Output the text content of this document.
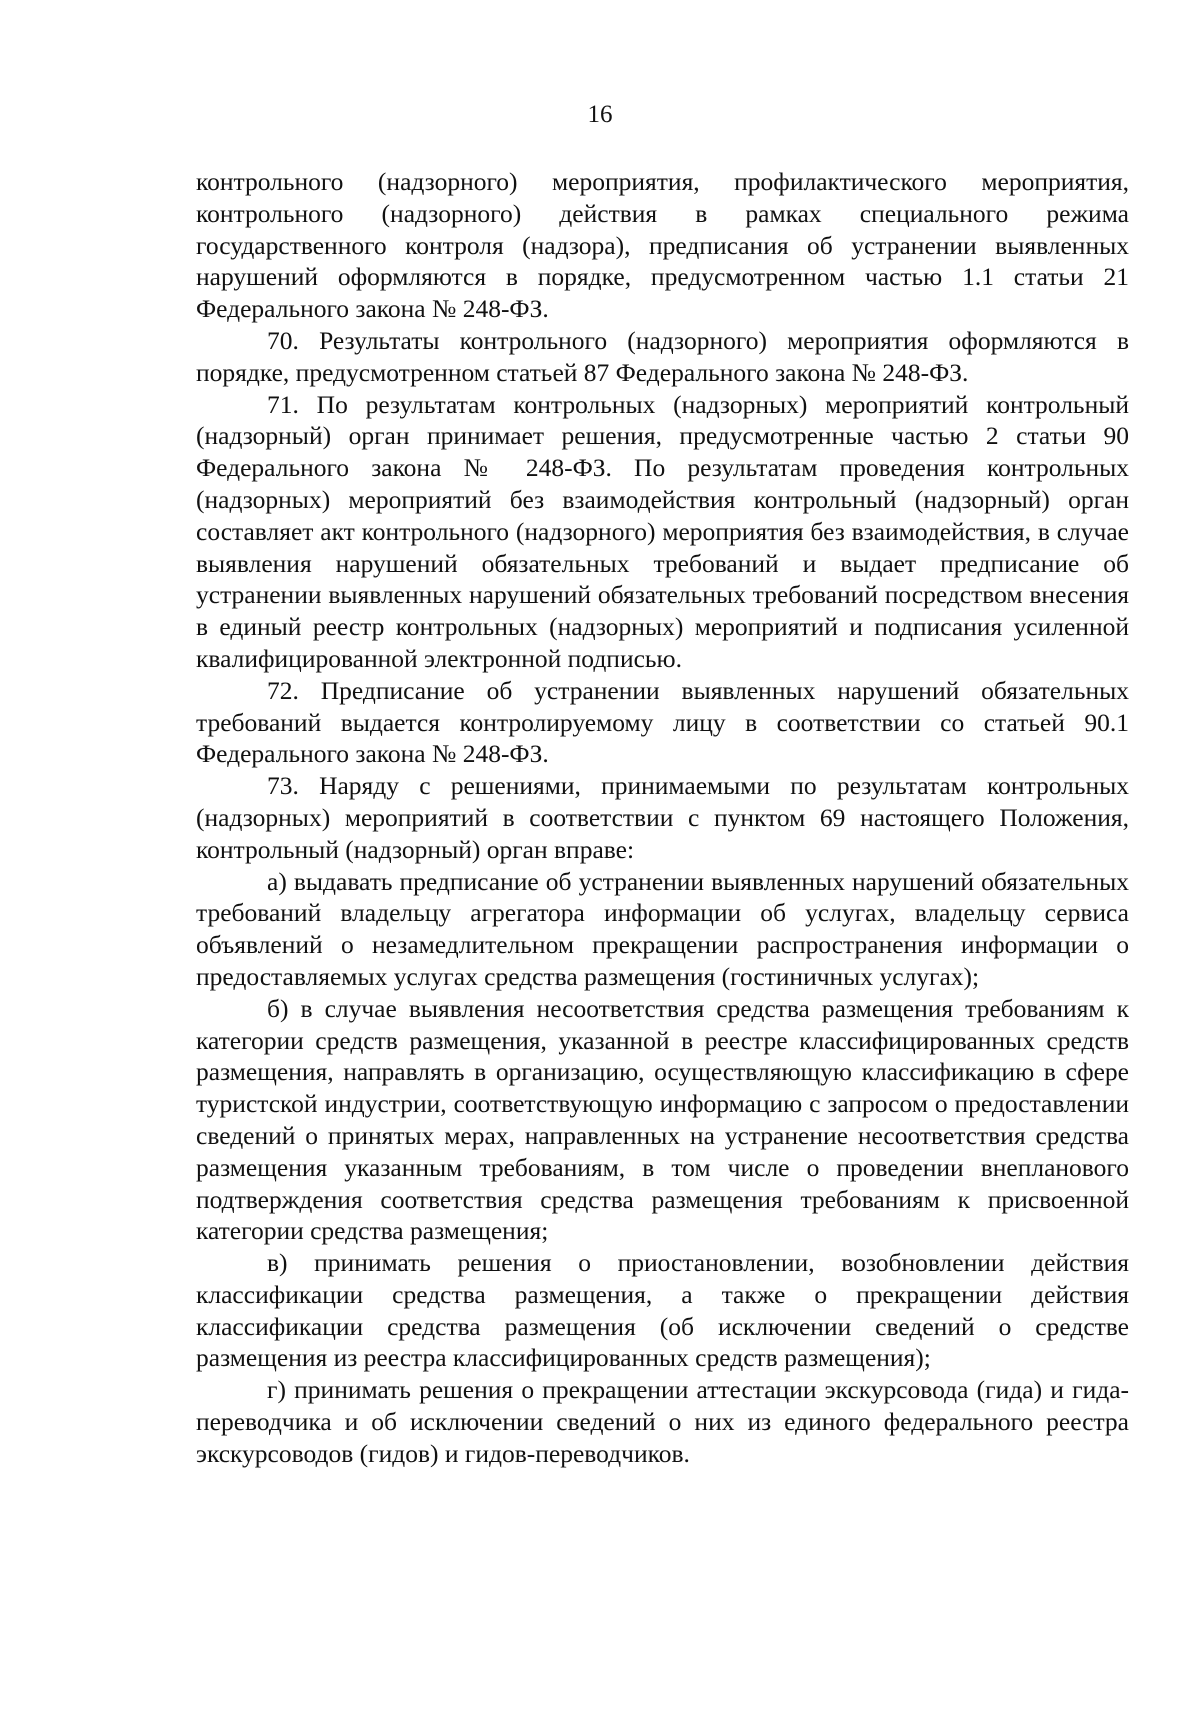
16

контрольного (надзорного) мероприятия, профилактического мероприятия, контрольного (надзорного) действия в рамках специального режима государственного контроля (надзора), предписания об устранении выявленных нарушений оформляются в порядке, предусмотренном частью 1.1 статьи 21 Федерального закона № 248-ФЗ.

70. Результаты контрольного (надзорного) мероприятия оформляются в порядке, предусмотренном статьей 87 Федерального закона № 248-ФЗ.

71. По результатам контрольных (надзорных) мероприятий контрольный (надзорный) орган принимает решения, предусмотренные частью 2 статьи 90 Федерального закона № 248-ФЗ. По результатам проведения контрольных (надзорных) мероприятий без взаимодействия контрольный (надзорный) орган составляет акт контрольного (надзорного) мероприятия без взаимодействия, в случае выявления нарушений обязательных требований и выдает предписание об устранении выявленных нарушений обязательных требований посредством внесения в единый реестр контрольных (надзорных) мероприятий и подписания усиленной квалифицированной электронной подписью.

72. Предписание об устранении выявленных нарушений обязательных требований выдается контролируемому лицу в соответствии со статьей 90.1 Федерального закона № 248-ФЗ.

73. Наряду с решениями, принимаемыми по результатам контрольных (надзорных) мероприятий в соответствии с пунктом 69 настоящего Положения, контрольный (надзорный) орган вправе:

а) выдавать предписание об устранении выявленных нарушений обязательных требований владельцу агрегатора информации об услугах, владельцу сервиса объявлений о незамедлительном прекращении распространения информации о предоставляемых услугах средства размещения (гостиничных услугах);

б) в случае выявления несоответствия средства размещения требованиям к категории средств размещения, указанной в реестре классифицированных средств размещения, направлять в организацию, осуществляющую классификацию в сфере туристской индустрии, соответствующую информацию с запросом о предоставлении сведений о принятых мерах, направленных на устранение несоответствия средства размещения указанным требованиям, в том числе о проведении внепланового подтверждения соответствия средства размещения требованиям к присвоенной категории средства размещения;

в) принимать решения о приостановлении, возобновлении действия классификации средства размещения, а также о прекращении действия классификации средства размещения (об исключении сведений о средстве размещения из реестра классифицированных средств размещения);

г) принимать решения о прекращении аттестации экскурсовода (гида) и гида-переводчика и об исключении сведений о них из единого федерального реестра экскурсоводов (гидов) и гидов-переводчиков.
